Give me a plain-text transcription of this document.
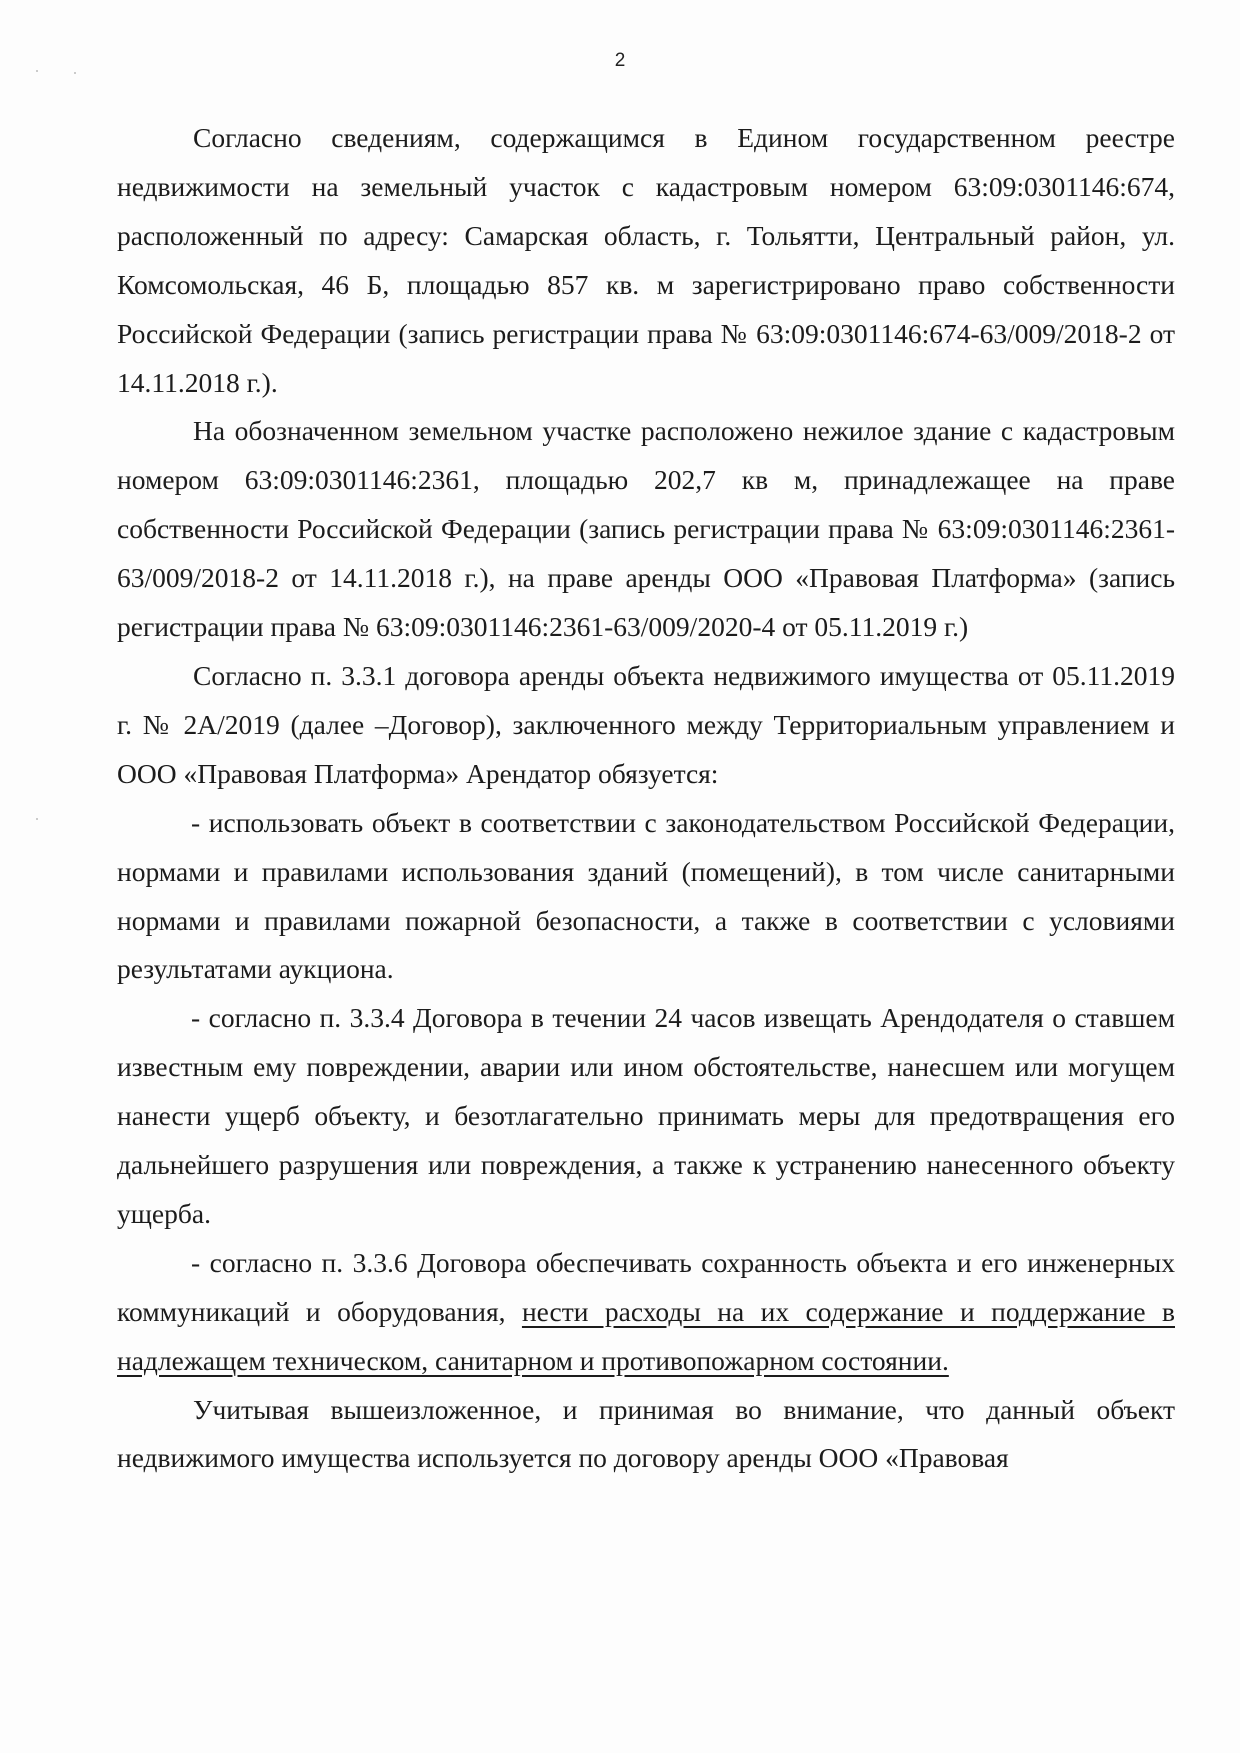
2

Согласно сведениям, содержащимся в Едином государственном реестре недвижимости на земельный участок с кадастровым номером 63:09:0301146:674, расположенный по адресу: Самарская область, г. Тольятти, Центральный район, ул. Комсомольская, 46 Б, площадью 857 кв. м зарегистрировано право собственности Российской Федерации (запись регистрации права № 63:09:0301146:674-63/009/2018-2 от 14.11.2018 г.).

На обозначенном земельном участке расположено нежилое здание с кадастровым номером 63:09:0301146:2361, площадью 202,7 кв м, принадлежащее на праве собственности Российской Федерации (запись регистрации права № 63:09:0301146:2361-63/009/2018-2 от 14.11.2018 г.), на праве аренды ООО «Правовая Платформа» (запись регистрации права № 63:09:0301146:2361-63/009/2020-4 от 05.11.2019 г.)

Согласно п. 3.3.1 договора аренды объекта недвижимого имущества от 05.11.2019 г. № 2А/2019 (далее –Договор), заключенного между Территориальным управлением и ООО «Правовая Платформа» Арендатор обязуется:

- использовать объект в соответствии с законодательством Российской Федерации, нормами и правилами использования зданий (помещений), в том числе санитарными нормами и правилами пожарной безопасности, а также в соответствии с условиями результатами аукциона.

- согласно п. 3.3.4 Договора в течении 24 часов извещать Арендодателя о ставшем известным ему повреждении, аварии или ином обстоятельстве, нанесшем или могущем нанести ущерб объекту, и безотлагательно принимать меры для предотвращения его дальнейшего разрушения или повреждения, а также к устранению нанесенного объекту ущерба.

- согласно п. 3.3.6 Договора обеспечивать сохранность объекта и его инженерных коммуникаций и оборудования, нести расходы на их содержание и поддержание в надлежащем техническом, санитарном и противопожарном состоянии.

Учитывая вышеизложенное, и принимая во внимание, что данный объект недвижимого имущества используется по договору аренды ООО «Правовая
